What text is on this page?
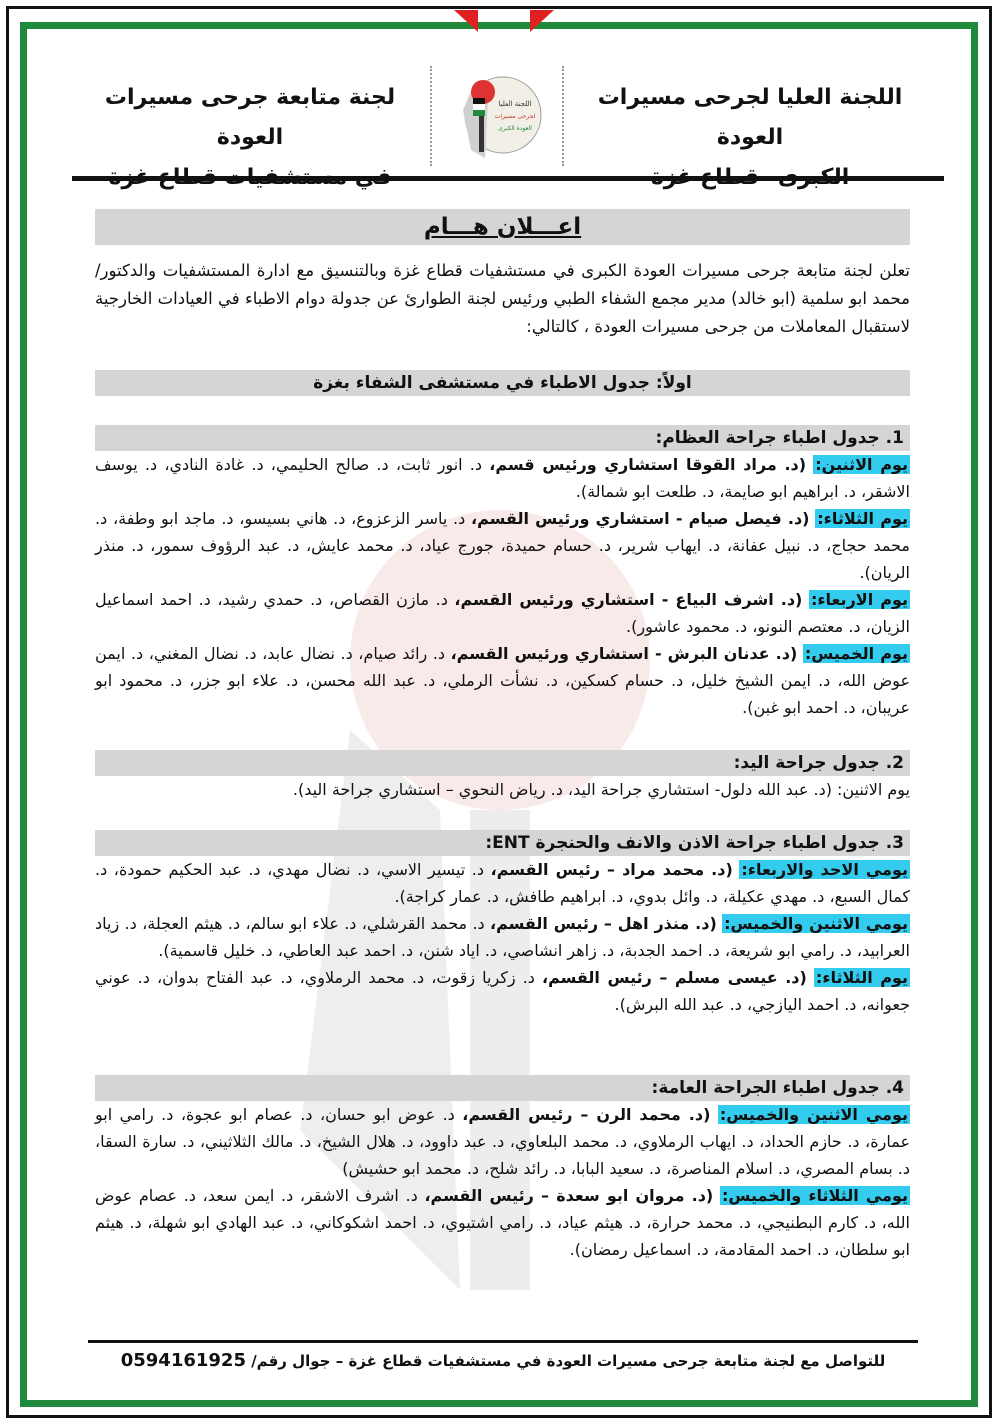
اللجنة العليا لجرحى مسيرات العودة
اللجنة العليا
لجرحى مسيرات
العودة الكبرى
لجنة متابعة جرحى مسيرات العودة
اعـــلان هـــام
تعلن لجنة متابعة جرحى مسيرات العودة الكبرى في مستشفيات قطاع غزة وبالتنسيق مع ادارة المستشفيات والدكتور/ محمد ابو سلمية (ابو خالد) مدير مجمع الشفاء الطبي ورئيس لجنة الطوارئ عن جدولة دوام الاطباء في العيادات الخارجية لاستقبال المعاملات من جرحى مسيرات العودة ، كالتالي:
اولاً: جدول الاطباء في مستشفى الشفاء بغزة
1. جدول اطباء جراحة العظام:
يوم الاثنين: (د. مراد القوقا استشاري ورئيس قسم، د. انور ثابت، د. صالح الحليمي، د. غادة النادي، د. يوسف الاشقر، د. ابراهيم ابو صايمة، د. طلعت ابو شمالة).
يوم الثلاثاء: (د. فيصل صيام - استشاري ورئيس القسم، د. ياسر الزعزوع، د. هاني بسيسو، د. ماجد ابو وطفة، د. محمد حجاج، د. نبيل عفانة، د. ايهاب شرير، د. حسام حميدة، جورج عياد، د. محمد عايش، د. عبد الرؤوف سمور، د. منذر الريان).
يوم الاربعاء: (د. اشرف البياع - استشاري ورئيس القسم، د. مازن القصاص، د. حمدي رشيد، د. احمد اسماعيل الزيان، د. معتصم النونو، د. محمود عاشور).
يوم الخميس: (د. عدنان البرش - استشاري ورئيس القسم، د. رائد صيام، د. نضال عابد، د. نضال المغني، د. ايمن عوض الله، د. ايمن الشيخ خليل، د. حسام كسكين، د. نشأت الرملي، د. عبد الله محسن، د. علاء ابو جزر، د. محمود ابو عريبان، د. احمد ابو غبن).
2. جدول جراحة اليد:
يوم الاثنين: (د. عبد الله دلول- استشاري جراحة اليد، د. رياض النحوي – استشاري جراحة اليد).
3. جدول اطباء جراحة الاذن والانف والحنجرة ENT:
يومي الاحد والاربعاء: (د. محمد مراد – رئيس القسم، د. تيسير الاسي، د. نضال مهدي، د. عبد الحكيم حمودة، د. كمال السبع، د. مهدي عكيلة، د. وائل بدوي، د. ابراهيم طافش، د. عمار كراجة).
يومي الاثنين والخميس: (د. منذر اهل – رئيس القسم، د. محمد القرشلي، د. علاء ابو سالم، د. هيثم العجلة، د. زياد العرابيد، د. رامي ابو شريعة، د. احمد الجدبة، د. زاهر انشاصي، د. اياد شنن، د. احمد عبد العاطي، د. خليل قاسمية).
يوم الثلاثاء: (د. عيسى مسلم – رئيس القسم، د. زكريا زقوت، د. محمد الرملاوي، د. عبد الفتاح بدوان، د. عوني جعوانه، د. احمد اليازجي، د. عبد الله البرش).
4. جدول اطباء الجراحة العامة:
يومي الاثنين والخميس: (د. محمد الرن – رئيس القسم، د. عوض ابو حسان، د. عصام ابو عجوة، د. رامي ابو عمارة، د. حازم الحداد، د. ايهاب الرملاوي، د. محمد البلعاوي، د. عبد داوود، د. هلال الشيخ، د. مالك الثلاثيني، د. سارة السقا، د. بسام المصري، د. اسلام المناصرة، د. سعيد البابا، د. رائد شلح، د. محمد ابو حشيش)
يومي الثلاثاء والخميس: (د. مروان ابو سعدة – رئيس القسم، د. اشرف الاشقر، د. ايمن سعد، د. عصام عوض الله، د. كارم البطنيجي، د. محمد حرارة، د. هيثم عياد، د. رامي اشتيوي، د. احمد اشكوكاني، د. عبد الهادي ابو شهلة، د. هيثم ابو سلطان، د. احمد المقادمة، د. اسماعيل رمضان).
للتواصل مع لجنة متابعة جرحى مسيرات العودة في مستشفيات قطاع غزة – جوال رقم/ 0594161925
